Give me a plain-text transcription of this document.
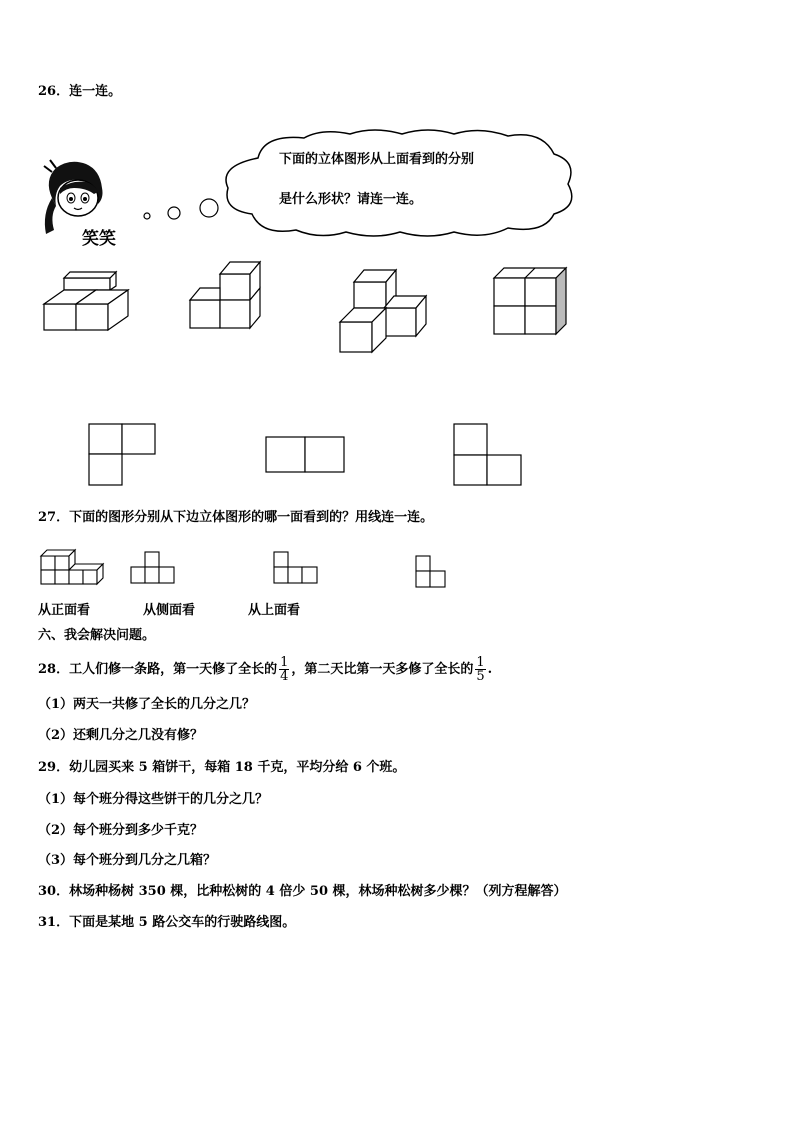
26．连一连。
笑笑
下面的立体图形从上面看到的分别
是什么形状？请连一连。
27．下面的图形分别从下边立体图形的哪一面看到的？用线连一连。
从正面看	从侧面看	从上面看
六、我会解决问题。
28．工人们修一条路，第一天修了全长的 $\frac{1}{4}$ ，第二天比第一天多修了全长的 $\frac{1}{5}$ .
（1）两天一共修了全长的几分之几？
（2）还剩几分之几没有修？
29．幼儿园买来 5 箱饼干，每箱 18 千克，平均分给 6 个班。
（1）每个班分得这些饼干的几分之几？
（2）每个班分到多少千克？
（3）每个班分到几分之几箱？
30．林场种杨树 350 棵，比种松树的 4 倍少 50 棵，林场种松树多少棵？（列方程解答）
31．下面是某地 5 路公交车的行驶路线图。
